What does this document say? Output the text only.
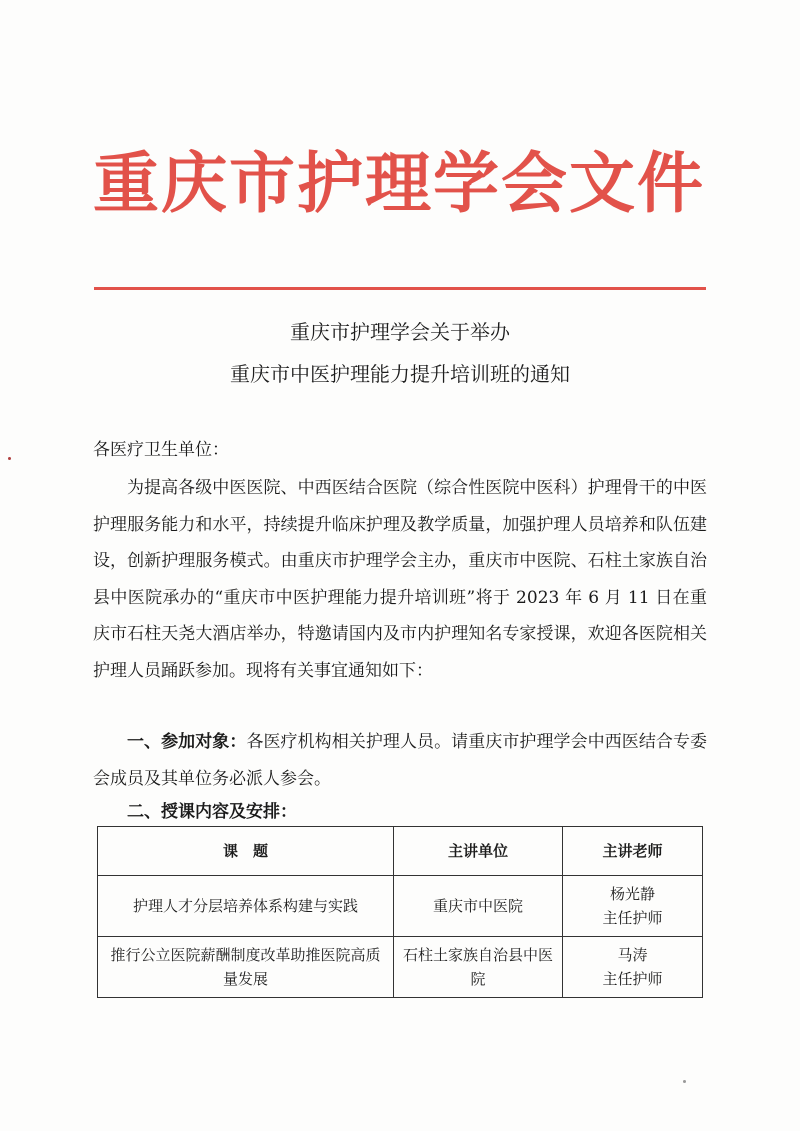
重庆市护理学会文件
重庆市护理学会关于举办
重庆市中医护理能力提升培训班的通知
各医疗卫生单位：
为提高各级中医医院、中西医结合医院（综合性医院中医科）护理骨干的中医护理服务能力和水平，持续提升临床护理及教学质量，加强护理人员培养和队伍建设，创新护理服务模式。由重庆市护理学会主办，重庆市中医院、石柱土家族自治县中医院承办的“重庆市中医护理能力提升培训班”将于 2023 年 6 月 11 日在重庆市石柱天尧大酒店举办，特邀请国内及市内护理知名专家授课，欢迎各医院相关护理人员踊跃参加。现将有关事宜通知如下：
一、参加对象：各医疗机构相关护理人员。请重庆市护理学会中西医结合专委会成员及其单位务必派人参会。
二、授课内容及安排：
课　题	主讲单位	主讲老师
护理人才分层培养体系构建与实践	重庆市中医院	杨光静
主任护师

推行公立医院薪酬制度改革助推医院高质量发展	石柱土家族自治县中医院	马涛
主任护师
